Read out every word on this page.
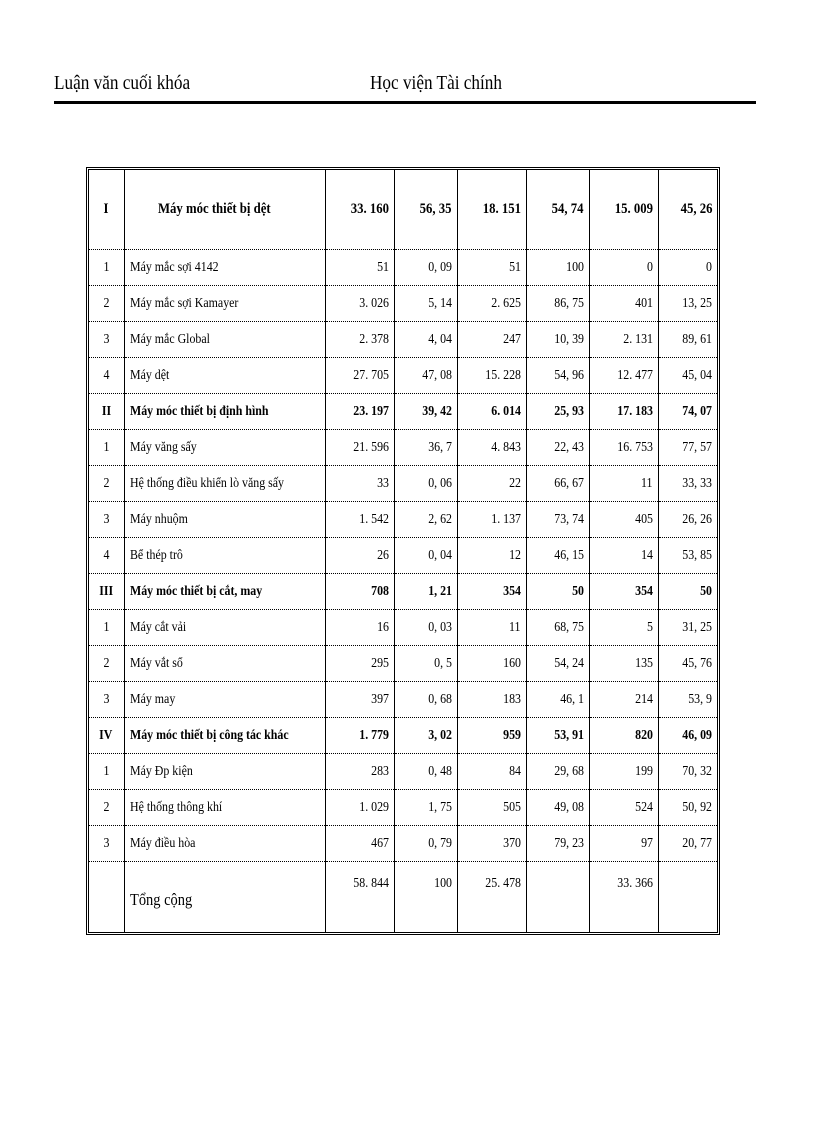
Luận văn cuối khóa	Học viện Tài chính
I	Máy móc thiết bị dệt	33. 160	56, 35	18. 151	54, 74	15. 009	45, 26
1	Máy mắc sợi 4142	51	0, 09	51	100	0	0
2	Máy mắc sợi Kamayer	3. 026	5, 14	2. 625	86, 75	401	13, 25
3	Máy mắc Global	2. 378	4, 04	247	10, 39	2. 131	89, 61
4	Máy dệt	27. 705	47, 08	15. 228	54, 96	12. 477	45, 04
II	Máy móc thiết bị định hình	23. 197	39, 42	6. 014	25, 93	17. 183	74, 07
1	Máy văng sấy	21. 596	36, 7	4. 843	22, 43	16. 753	77, 57
2	Hệ thống điều khiển lò văng sấy	33	0, 06	22	66, 67	11	33, 33
3	Máy nhuộm	1. 542	2, 62	1. 137	73, 74	405	26, 26
4	Bể thép trô	26	0, 04	12	46, 15	14	53, 85
III	Máy móc thiết bị cắt, may	708	1, 21	354	50	354	50
1	Máy cắt vải	16	0, 03	11	68, 75	5	31, 25
2	Máy vắt sổ	295	0, 5	160	54, 24	135	45, 76
3	Máy may	397	0, 68	183	46, 1	214	53, 9
IV	Máy móc thiết bị công tác khác	1. 779	3, 02	959	53, 91	820	46, 09
1	Máy Đp kiện	283	0, 48	84	29, 68	199	70, 32
2	Hệ thống thông khí	1. 029	1, 75	505	49, 08	524	50, 92
3	Máy điều hòa	467	0, 79	370	79, 23	97	20, 77
	Tổng cộng	58. 844	100	25. 478		33. 366	
